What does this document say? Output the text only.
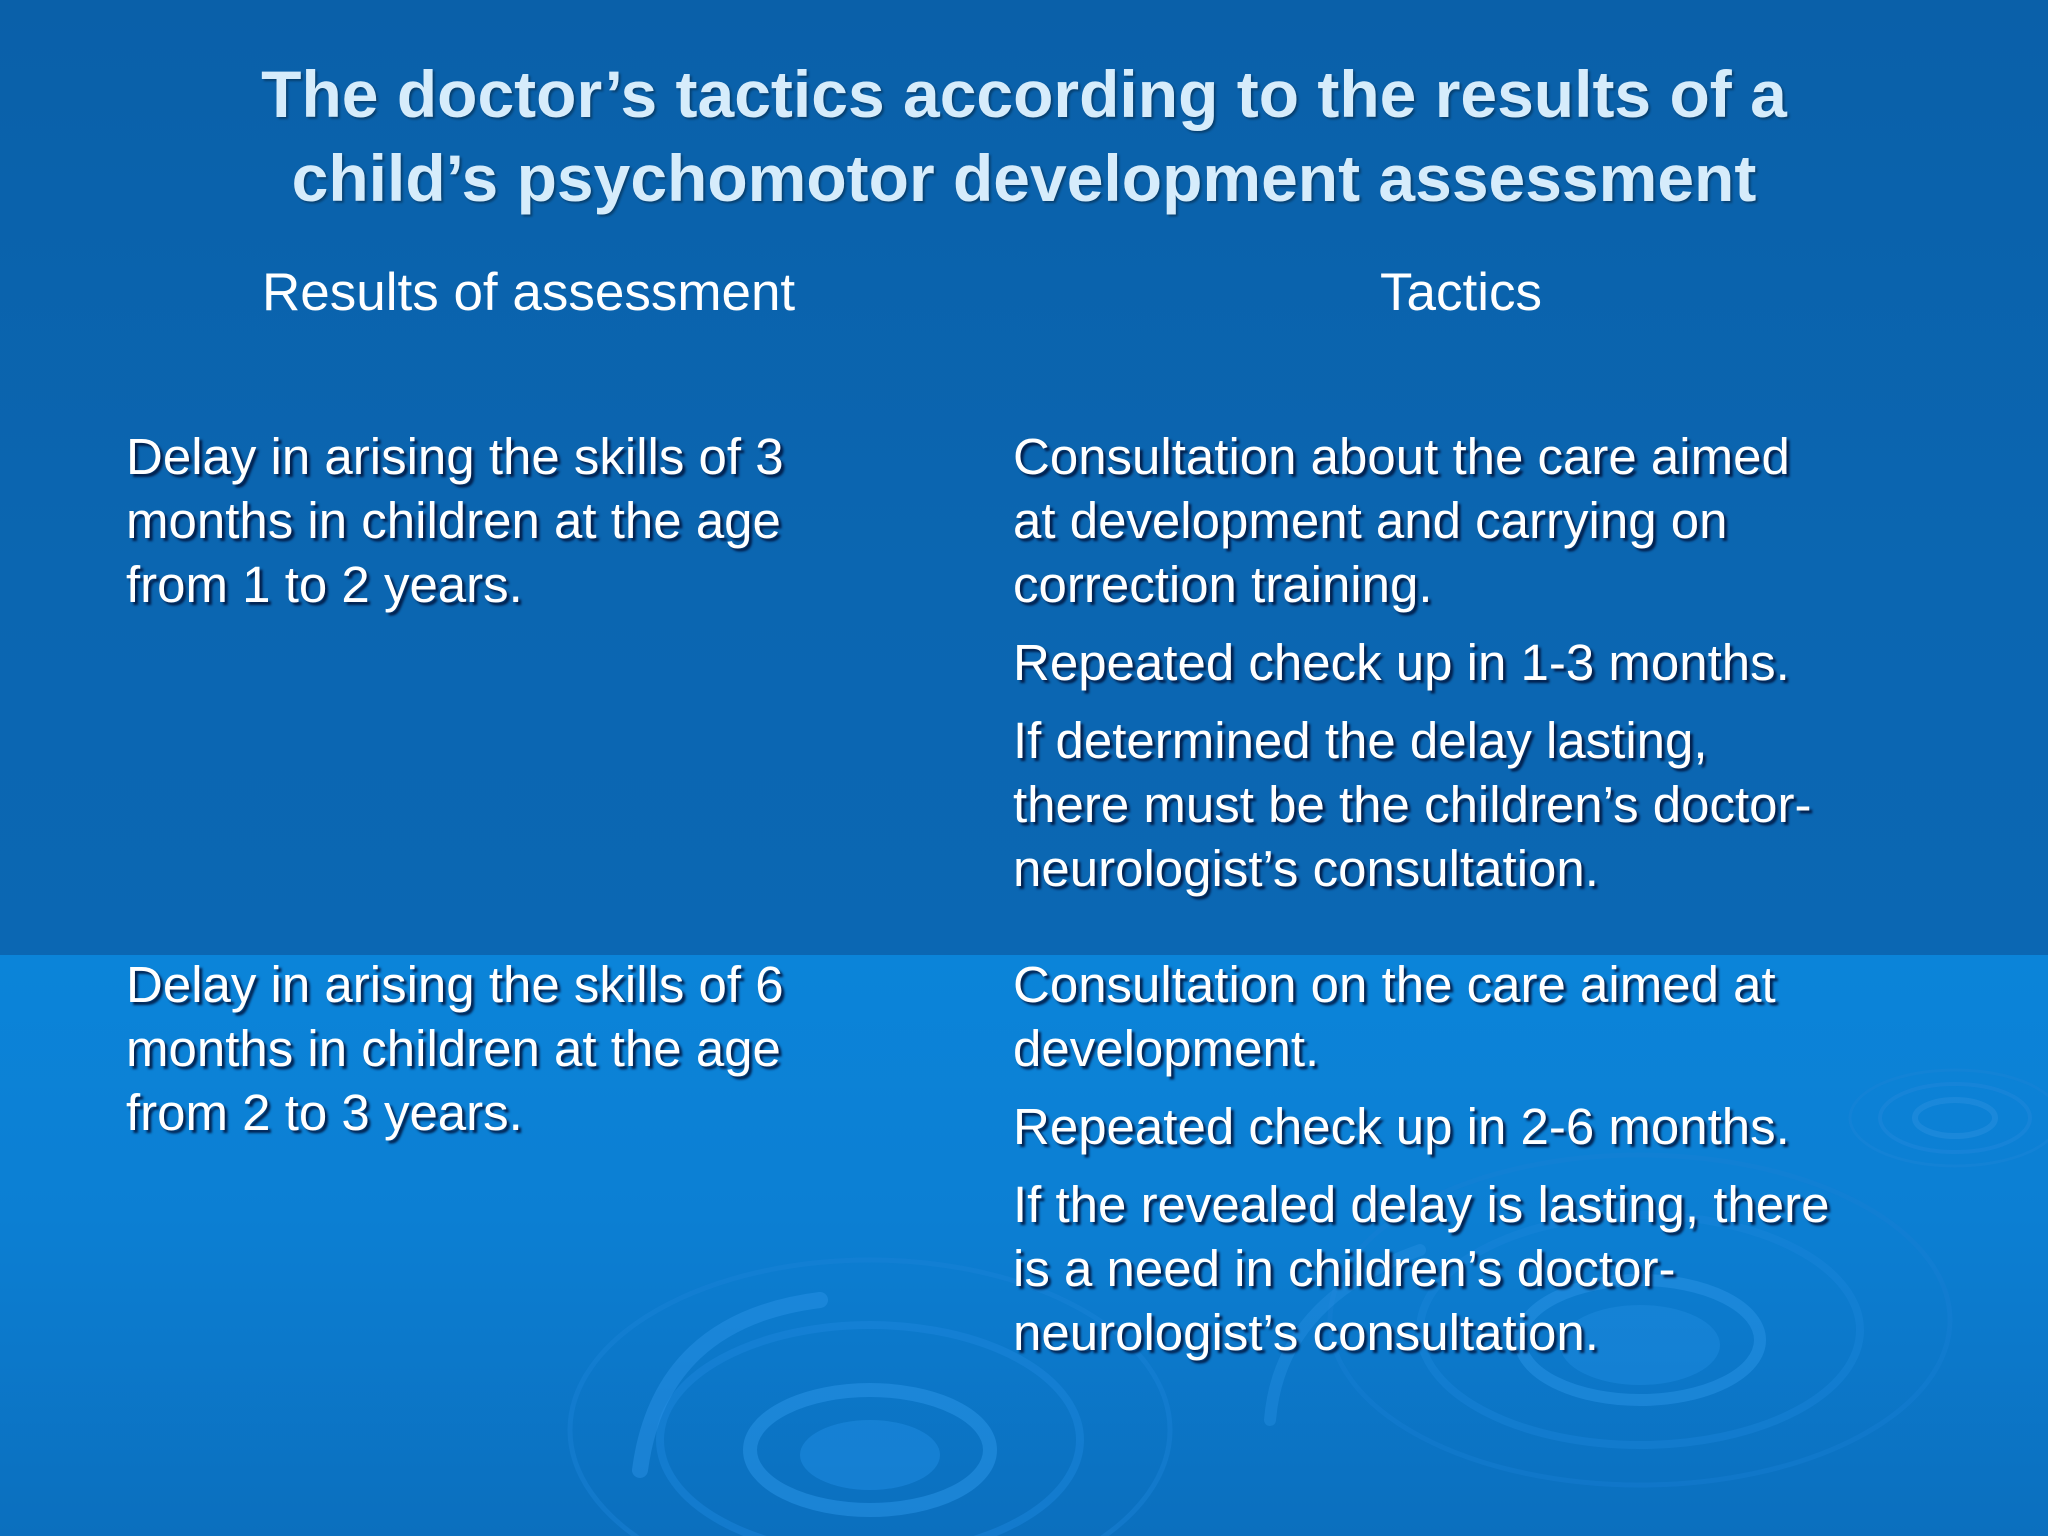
The doctor’s tactics according to the results of a
child’s psychomotor development assessment
Results of assessment	Tactics
Delay in arising the skills of 3
months in children at the age
from 1 to 2 years.
Consultation about the care aimed
at development and carrying on
correction training.
Repeated check up in 1-3 months.
If determined the delay lasting,
there must be the children’s doctor-
neurologist’s consultation.
Delay in arising the skills of 6
months in children at the age
from 2 to 3 years.
Consultation on the care aimed at
development.
Repeated check up in 2-6 months.
If the revealed delay is lasting, there
is a need in children’s doctor-
neurologist’s consultation.
